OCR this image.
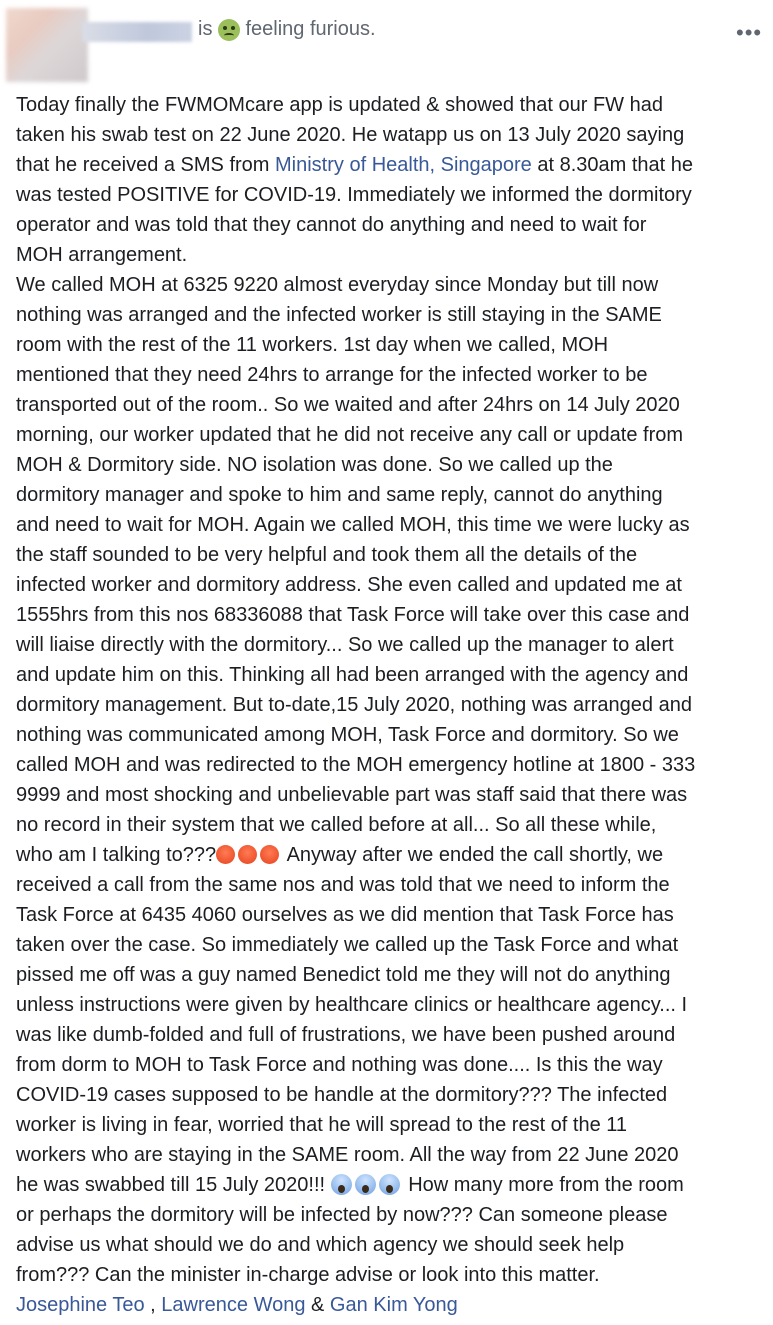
is feeling furious.	•••
Today finally the FWMOMcare app is updated & showed that our FW had
taken his swab test on 22 June 2020. He watapp us on 13 July 2020 saying
that he received a SMS from Ministry of Health, Singapore at 8.30am that he
was tested POSITIVE for COVID-19. Immediately we informed the dormitory
operator and was told that they cannot do anything and need to wait for
MOH arrangement.
We called MOH at 6325 9220 almost everyday since Monday but till now
nothing was arranged and the infected worker is still staying in the SAME
room with the rest of the 11 workers. 1st day when we called, MOH
mentioned that they need 24hrs to arrange for the infected worker to be
transported out of the room.. So we waited and after 24hrs on 14 July 2020
morning, our worker updated that he did not receive any call or update from
MOH & Dormitory side. NO isolation was done. So we called up the
dormitory manager and spoke to him and same reply, cannot do anything
and need to wait for MOH. Again we called MOH, this time we were lucky as
the staff sounded to be very helpful and took them all the details of the
infected worker and dormitory address. She even called and updated me at
1555hrs from this nos 68336088 that Task Force will take over this case and
will liaise directly with the dormitory... So we called up the manager to alert
and update him on this. Thinking all had been arranged with the agency and
dormitory management. But to-date,15 July 2020, nothing was arranged and
nothing was communicated among MOH, Task Force and dormitory. So we
called MOH and was redirected to the MOH emergency hotline at 1800 - 333
9999 and most shocking and unbelievable part was staff said that there was
no record in their system that we called before at all... So all these while,
who am I talking to???	Anyway after we ended the call shortly, we
received a call from the same nos and was told that we need to inform the
Task Force at 6435 4060 ourselves as we did mention that Task Force has
taken over the case. So immediately we called up the Task Force and what
pissed me off was a guy named Benedict told me they will not do anything
unless instructions were given by healthcare clinics or healthcare agency... I
was like dumb-folded and full of frustrations, we have been pushed around
from dorm to MOH to Task Force and nothing was done.... Is this the way
COVID-19 cases supposed to be handle at the dormitory??? The infected
worker is living in fear, worried that he will spread to the rest of the 11
workers who are staying in the SAME room. All the way from 22 June 2020
he was swabbed till 15 July 2020!!!	How many more from the room
or perhaps the dormitory will be infected by now??? Can someone please
advise us what should we do and which agency we should seek help
from??? Can the minister in-charge advise or look into this matter.
Josephine Teo , Lawrence Wong & Gan Kim Yong
